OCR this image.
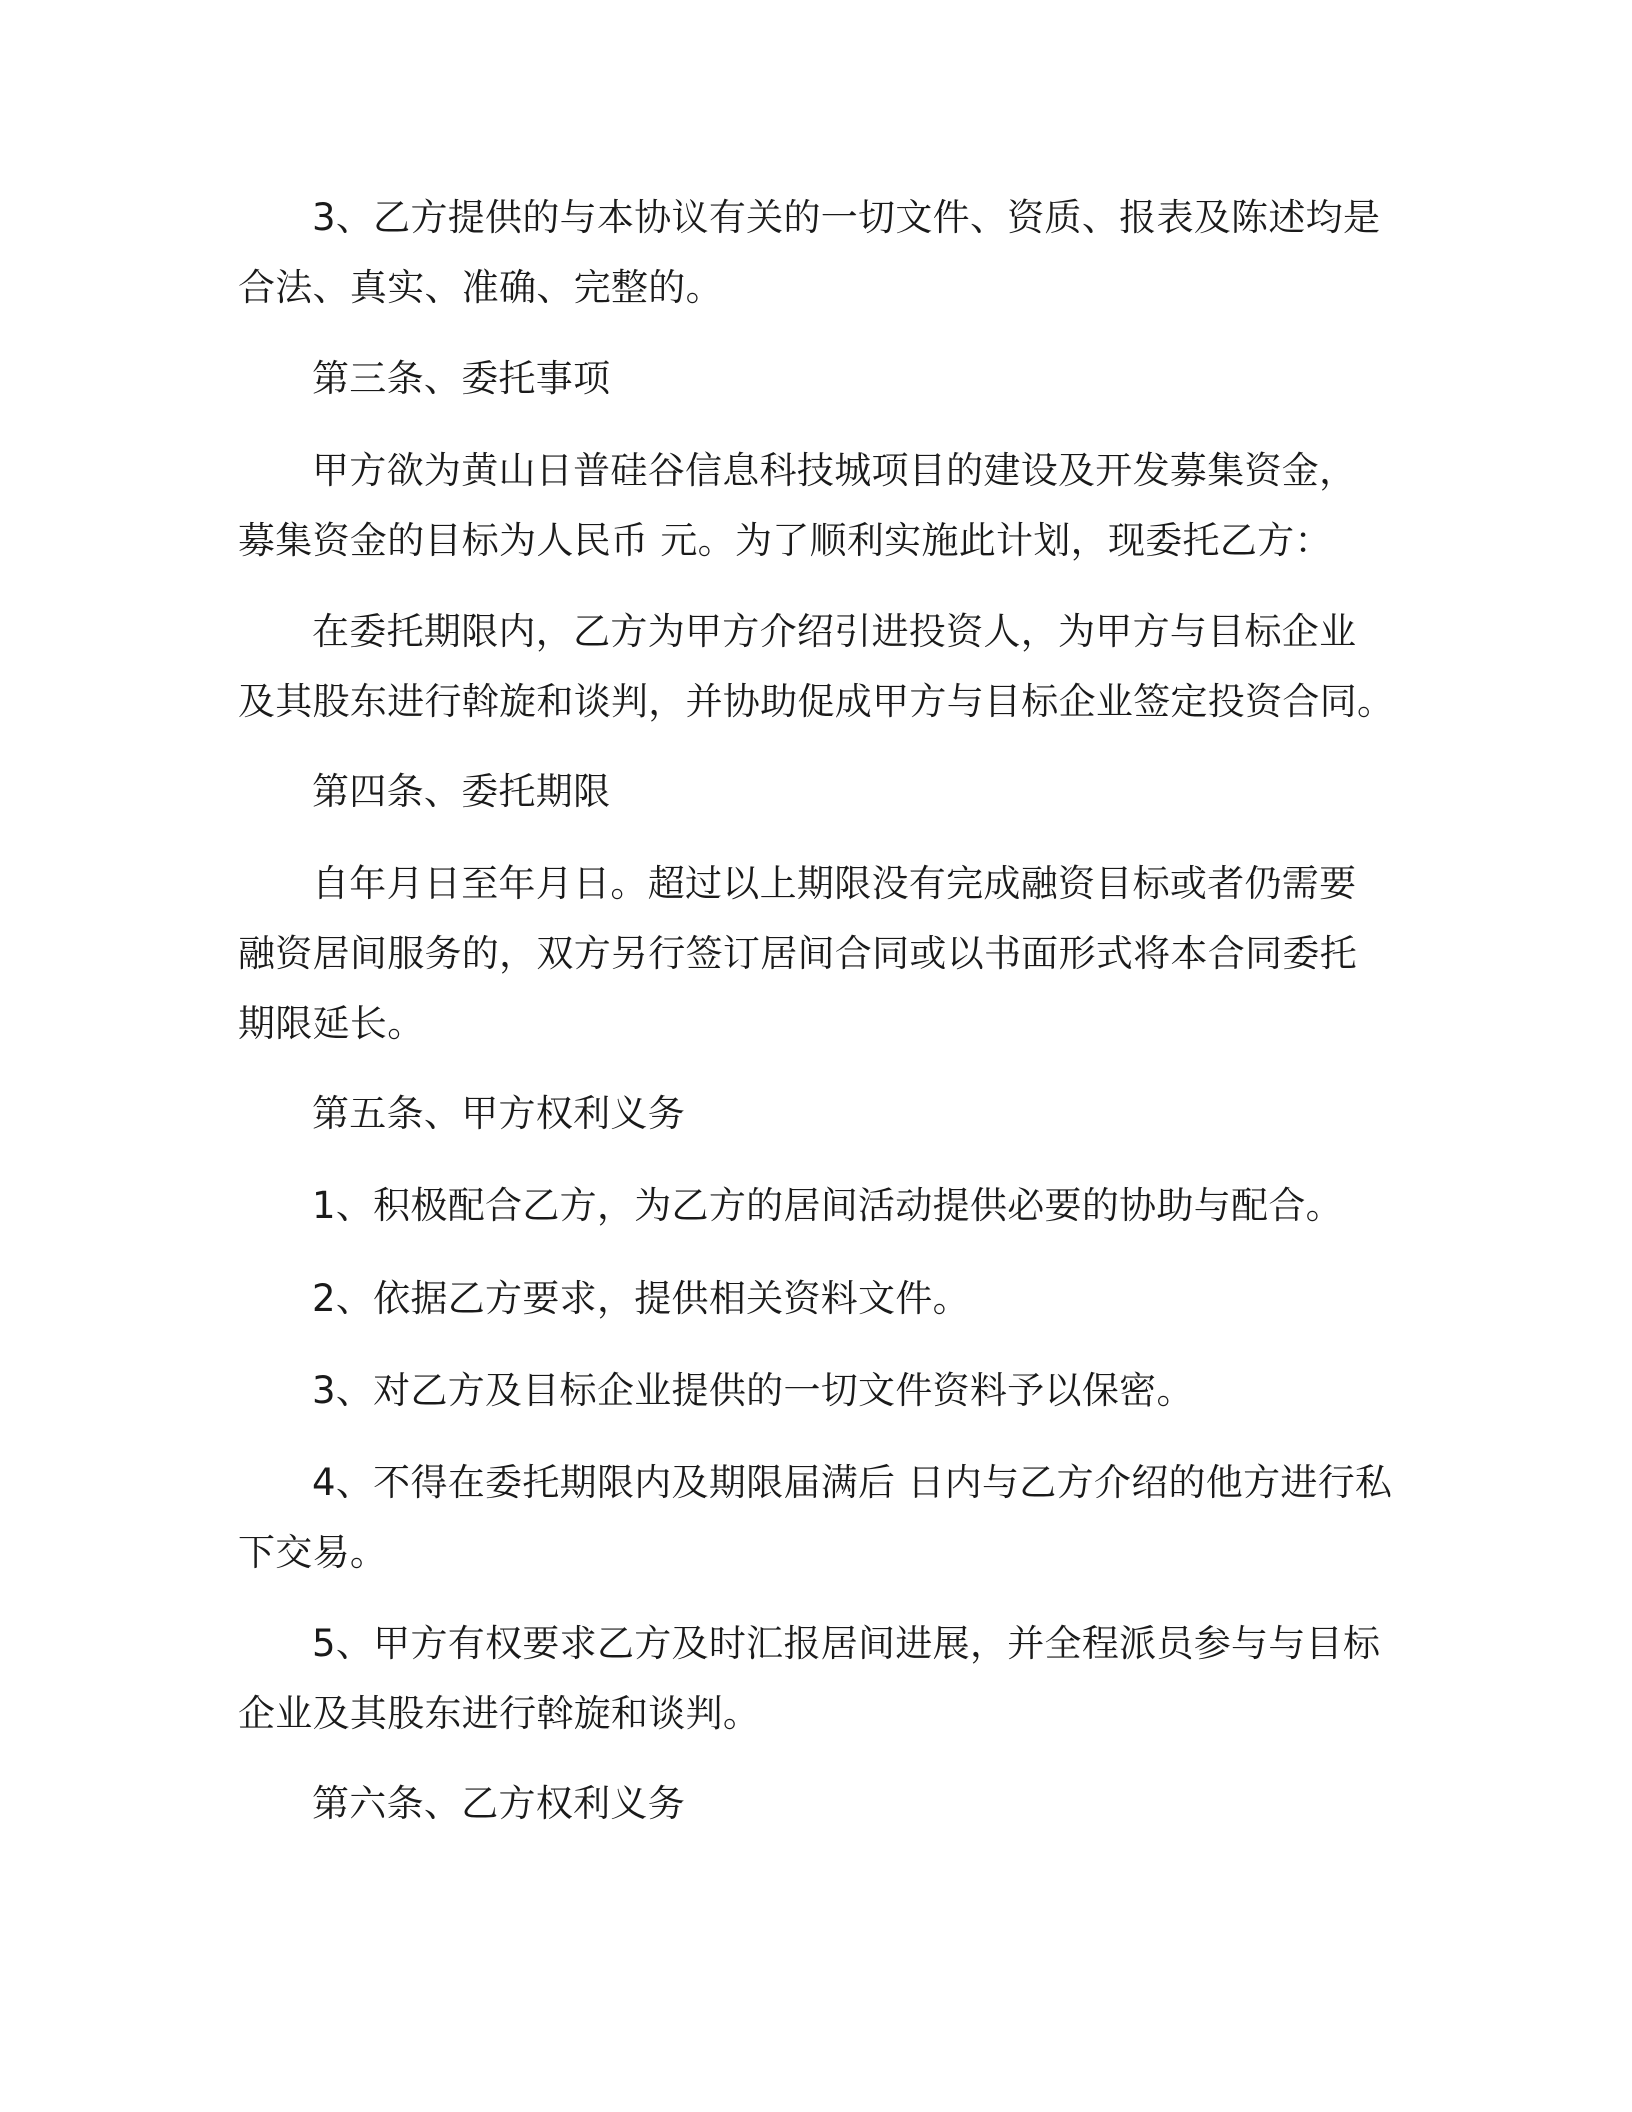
3、乙方提供的与本协议有关的一切文件、资质、报表及陈述均是
合法、真实、准确、完整的。

第三条、委托事项

甲方欲为黄山日普硅谷信息科技城项目的建设及开发募集资金，
募集资金的目标为人民币 元。为了顺利实施此计划，现委托乙方：

在委托期限内，乙方为甲方介绍引进投资人，为甲方与目标企业
及其股东进行斡旋和谈判，并协助促成甲方与目标企业签定投资合同。

第四条、委托期限

自年月日至年月日。超过以上期限没有完成融资目标或者仍需要
融资居间服务的，双方另行签订居间合同或以书面形式将本合同委托
期限延长。

第五条、甲方权利义务

1、积极配合乙方，为乙方的居间活动提供必要的协助与配合。

2、依据乙方要求，提供相关资料文件。

3、对乙方及目标企业提供的一切文件资料予以保密。

4、不得在委托期限内及期限届满后 日内与乙方介绍的他方进行私
下交易。

5、甲方有权要求乙方及时汇报居间进展，并全程派员参与与目标
企业及其股东进行斡旋和谈判。

第六条、乙方权利义务
